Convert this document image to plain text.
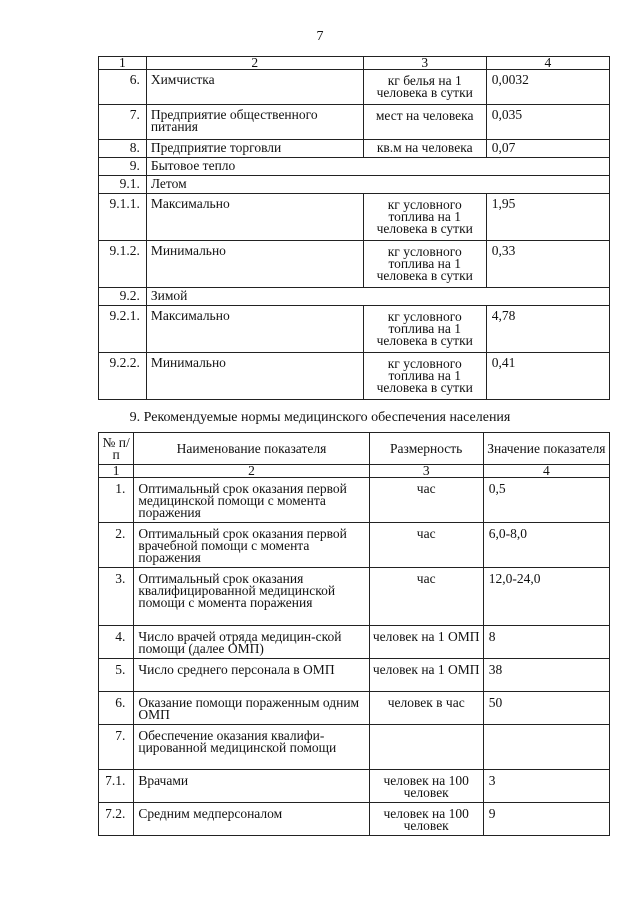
7
1	2	3	4
6.	Химчистка	кг белья на 1 человека в сутки	0,0032
7.	Предприятие общественного питания	мест на человека	0,035
8.	Предприятие торговли	кв.м на человека	0,07
9.	Бытовое тепло		
9.1.	Летом		
9.1.1.	Максимально	кг условного топлива на 1 человека в сутки	1,95
9.1.2.	Минимально	кг условного топлива на 1 человека в сутки	0,33
9.2.	Зимой		
9.2.1.	Максимально	кг условного топлива на 1 человека в сутки	4,78
9.2.2.	Минимально	кг условного топлива на 1 человека в сутки	0,41
9. Рекомендуемые нормы медицинского обеспечения населения
№ п/п	Наименование показателя	Размерность	Значение показателя
1	2	3	4
1.	Оптимальный срок оказания первой медицинской помощи с момента поражения	час	0,5
2.	Оптимальный срок оказания первой врачебной помощи с момента поражения	час	6,0-8,0
3.	Оптимальный срок оказания квалифицированной медицинской помощи с момента поражения	час	12,0-24,0
4.	Число врачей отряда медицин-ской помощи (далее ОМП)	человек на 1 ОМП	8
5.	Число среднего персонала в ОМП	человек на 1 ОМП	38
6.	Оказание помощи пораженным одним ОМП	человек в час	50
7.	Обеспечение оказания квалифи-цированной медицинской помощи		
7.1.	Врачами	человек на 100 человек	3
7.2.	Средним медперсоналом	человек на 100 человек	9
